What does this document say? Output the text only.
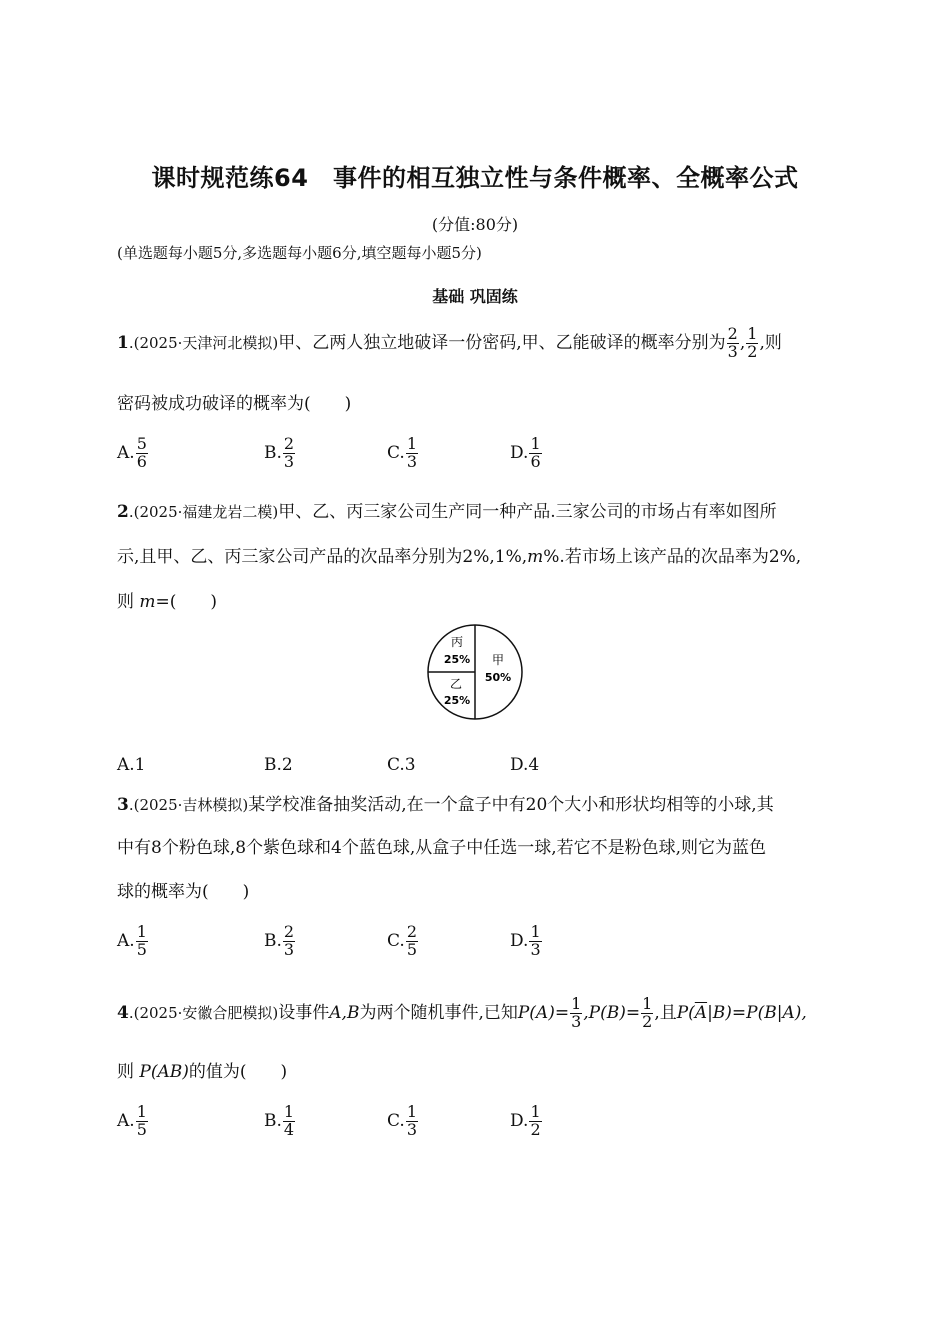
课时规范练64　事件的相互独立性与条件概率、全概率公式
(分值:80分)
(单选题每小题5分,多选题每小题6分,填空题每小题5分)
基础 巩固练
1.(2025·天津河北模拟)甲、乙两人独立地破译一份密码,甲、乙能破译的概率分别为 $\frac{2}{3}$ , $\frac{1}{2}$ ,则
密码被成功破译的概率为(　　)
A. $\frac{5}{6}$	B. $\frac{2}{3}$	C. $\frac{1}{3}$	D. $\frac{1}{6}$
2.(2025·福建龙岩二模)甲、乙、丙三家公司生产同一种产品.三家公司的市场占有率如图所
示,且甲、乙、丙三家公司产品的次品率分别为2%,1%,m%.若市场上该产品的次品率为2%,
则 m=(　　)
丙
25%
乙
25%
甲
50%
A.1	B.2	C.3	D.4
3.(2025·吉林模拟)某学校准备抽奖活动,在一个盒子中有20个大小和形状均相等的小球,其
中有8个粉色球,8个紫色球和4个蓝色球,从盒子中任选一球,若它不是粉色球,则它为蓝色
球的概率为(　　)
A. $\frac{1}{5}$	B. $\frac{2}{3}$	C. $\frac{2}{5}$	D. $\frac{1}{3}$
4.(2025·安徽合肥模拟)设事件A,B为两个随机事件,已知$P(A)= \frac{1}{3} ,P(B)= \frac{1}{2}$ ,且$P(\overline{A}|B)=P(B|A)$,
则 P(AB)的值为(　　)
A. $\frac{1}{5}$	B. $\frac{1}{4}$	C. $\frac{1}{3}$	D. $\frac{1}{2}$
